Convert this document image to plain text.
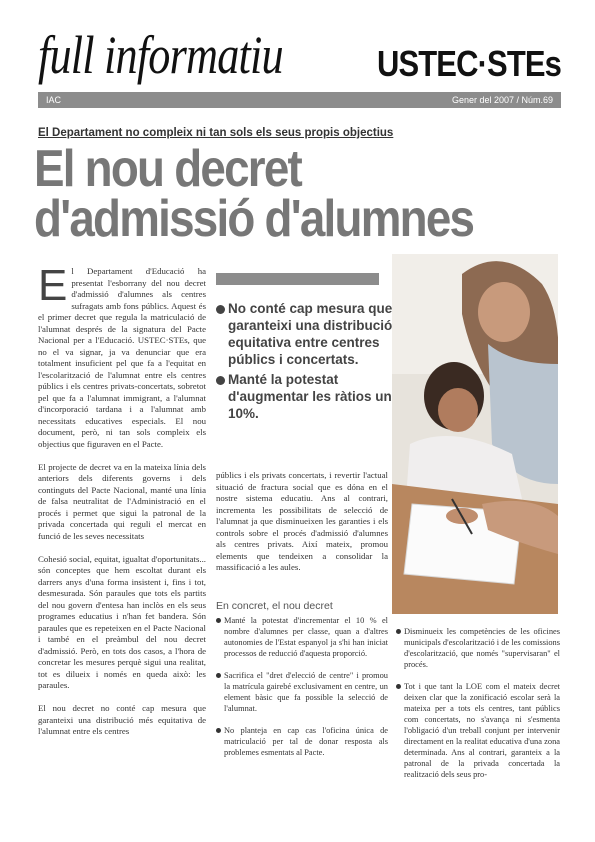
full informatiu	USTEC·STEs
IAC	Gener del 2007 / Núm.69
El Departament no compleix ni tan sols els seus propis objectius
El nou decret
d'admissió d'alumnes

El Departament d'Educació ha presentat l'esborrany del nou decret d'admissió d'alumnes als centres sufragats amb fons públics. Aquest és el primer decret que regula la matriculació de l'alumnat després de la signatura del Pacte Nacional per a l'Educació. USTEC·STEs, que no el va signar, ja va denunciar que era totalment insuficient pel que fa a l'equitat en l'escolarització de l'alumnat entre els centres públics i els centres privats-concertats, sobretot pel que fa a l'alumnat immigrant, a l'alumnat d'incorporació tardana i a l'alumnat amb necessitats educatives especials. El nou document, però, ni tan sols compleix els objectius que figuraven en el Pacte.

El projecte de decret va en la mateixa línia dels anteriors dels diferents governs i dels continguts del Pacte Nacional, manté una línia de falsa neutralitat de l'Administració en el procés i permet que sigui la patronal de la privada concertada qui reguli el mercat en funció de les seves necessitats

Cohesió social, equitat, igualtat d'oportunitats... són conceptes que hem escoltat durant els darrers anys d'una forma insistent i, fins i tot, desmesurada. Són paraules que tots els partits del nou govern d'entesa han inclòs en els seus programes educatius i n'han fet bandera. Són paraules que es repeteixen en el Pacte Nacional i també en el preàmbul del nou decret d'admissió. Però, en tots dos casos, a l'hora de concretar les mesures perquè sigui una realitat, tot es dilueix i només en queda això: les paraules.

El nou decret no conté cap mesura que garanteixi una distribució més equitativa de l'alumnat entre els centres

No conté cap mesura que garanteixi una distribució equitativa entre centres públics i concertats.
Manté la potestat d'augmentar les ràtios un 10%.

públics i els privats concertats, i revertir l'actual situació de fractura social que es dóna en el nostre sistema educatiu. Ans al contrari, incrementa les possibilitats de selecció de l'alumnat ja que disminueixen les garanties i els controls sobre el procés d'admissió d'alumnes als centres privats. Així mateix, promou elements que tendeixen a consolidar la massificació a les aules.

En concret, el nou decret
Manté la potestat d'incrementar el 10 % el nombre d'alumnes per classe, quan a d'altres autonomies de l'Estat espanyol ja s'hi han iniciat processos de reducció d'aquesta proporció.
Sacrifica el "dret d'elecció de centre" i promou la matrícula gairebé exclusivament en centre, un element bàsic que fa possible la selecció de l'alumnat.
No planteja en cap cas l'oficina única de matriculació per tal de donar resposta als problemes esmentats al Pacte.
Disminueix les competències de les oficines municipals d'escolarització i de les comissions d'escolarització, que només "supervisaran" el procés.
Tot i que tant la LOE com el mateix decret deixen clar que la zonificació escolar serà la mateixa per a tots els centres, tant públics com concertats, no s'avança ni s'esmenta l'obligació d'un treball conjunt per intervenir directament en la realitat educativa d'una zona determinada. Ans al contrari, garanteix a la patronal de la privada concertada la realització dels seus pro-
